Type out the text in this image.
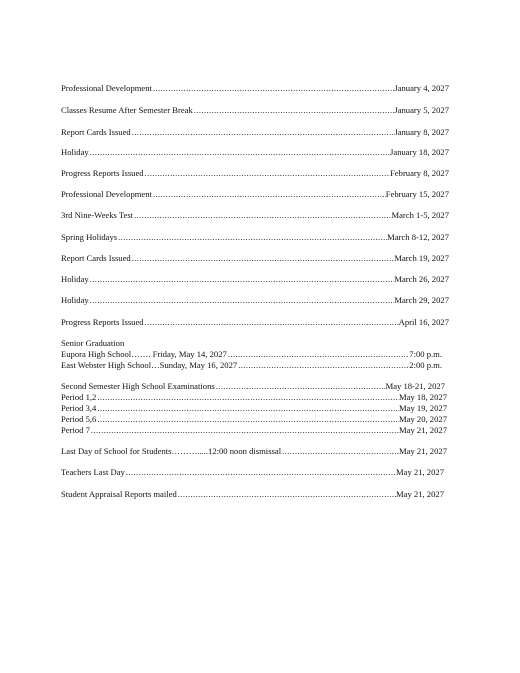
Professional Development .....	January 4, 2027
Classes Resume After Semester Break .....	January 5, 2027
Report Cards Issued .....	January 8, 2027
Holiday .....	January 18, 2027
Progress Reports Issued .....	February 8, 2027
Professional Development .....	February 15, 2027
3rd Nine-Weeks Test .....	March 1-5, 2027
Spring Holidays .....	March 8-12, 2027
Report Cards Issued .....	March 19, 2027
Holiday .....	March 26, 2027
Holiday .....	March 29, 2027
Progress Reports Issued .....	April 16, 2027
Senior Graduation
Eupora High School……. Friday, May 14, 2027 .....	7:00 p.m.
East Webster High School…Sunday, May 16, 2027 .....	2:00 p.m.
Second Semester High School Examinations .....	May 18-21, 2027
Period 1,2 .....	May 18, 2027
Period 3,4 .....	May 19, 2027
Period 5,6 .....	May 20, 2027
Period 7 .....	May 21, 2027
Last Day of School for Students……….....12:00 noon dismissal .....	May 21, 2027
Teachers Last Day .....	May 21, 2027
Student Appraisal Reports mailed .....	May 21, 2027
